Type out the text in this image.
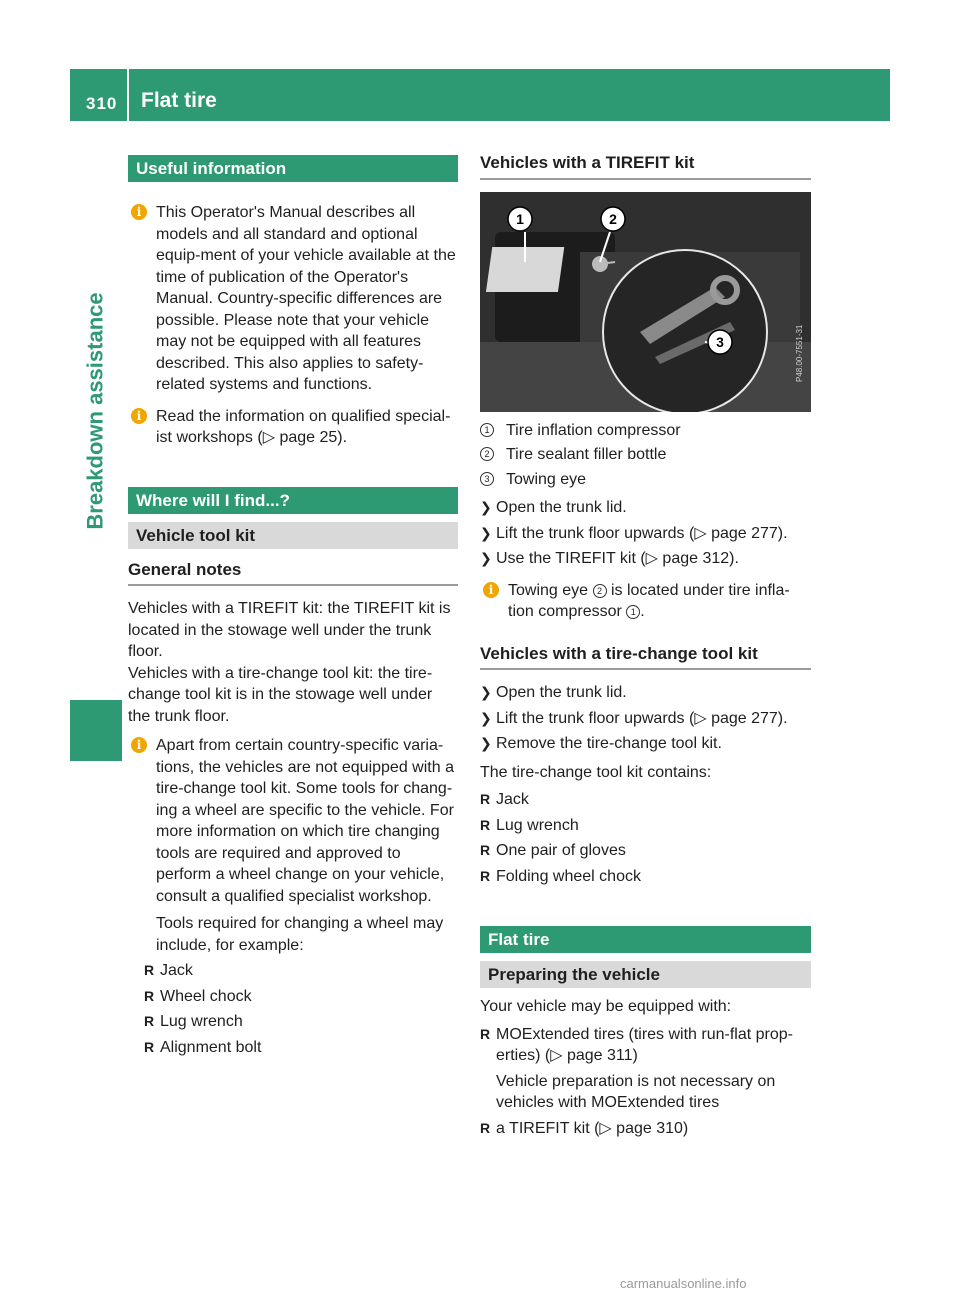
310 Flat tire
Breakdown assistance
Useful information
i This Operator's Manual describes all models and all standard and optional equip-ment of your vehicle available at the time of publication of the Operator's Manual. Country-specific differences are possible. Please note that your vehicle may not be equipped with all features described. This also applies to safety-related systems and functions.

i Read the information on qualified special-ist workshops (▷ page 25).

Where will I find...?
Vehicle tool kit
General notes

Vehicles with a TIREFIT kit: the TIREFIT kit is located in the stowage well under the trunk floor.

Vehicles with a tire-change tool kit: the tire-change tool kit is in the stowage well under the trunk floor.

i Apart from certain country-specific varia-tions, the vehicles are not equipped with a tire-change tool kit. Some tools for chang-ing a wheel are specific to the vehicle. For more information on which tire changing tools are required and approved to perform a wheel change on your vehicle, consult a qualified specialist workshop.

Tools required for changing a wheel may include, for example:

R Jack
R Wheel chock
R Lug wrench
R Alignment bolt
Vehicles with a TIREFIT kit
1	2
3	P48.00-7551-31
1 Tire inflation compressor
2 Tire sealant filler bottle
3 Towing eye
❯ Open the trunk lid.
❯ Lift the trunk floor upwards (▷ page 277).
❯ Use the TIREFIT kit (▷ page 312).
i Towing eye 2 is located under tire infla-tion compressor 1 .

Vehicles with a tire-change tool kit
❯ Open the trunk lid.
❯ Lift the trunk floor upwards (▷ page 277).
❯ Remove the tire-change tool kit.

The tire-change tool kit contains:

R Jack
R Lug wrench
R One pair of gloves
R Folding wheel chock
Flat tire
Preparing the vehicle

Your vehicle may be equipped with:

R MOExtended tires (tires with run-flat prop-erties) (▷ page 311)

Vehicle preparation is not necessary on vehicles with MOExtended tires

R a TIREFIT kit (▷ page 310)
carmanualsonline.info
